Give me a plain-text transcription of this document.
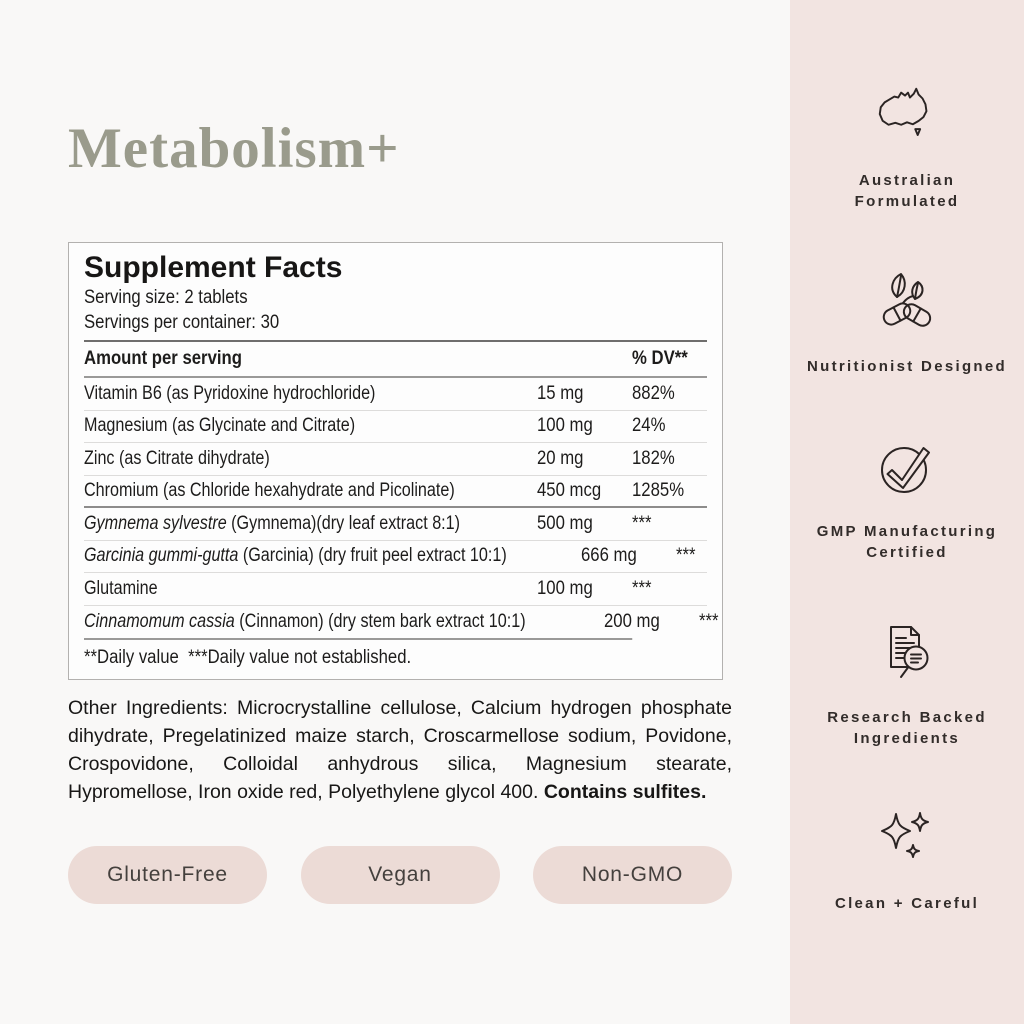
Metabolism+
Supplement Facts
Serving size: 2 tablets
Servings per container: 30
Amount per serving	% DV**
Vitamin B6 (as Pyridoxine hydrochloride)	15 mg	882%
Magnesium (as Glycinate and Citrate)	100 mg	24%
Zinc (as Citrate dihydrate)	20 mg	182%
Chromium (as Chloride hexahydrate and Picolinate)	450 mcg	1285%
Gymnema sylvestre (Gymnema)(dry leaf extract 8:1)	500 mg	***
Garcinia gummi-gutta (Garcinia) (dry fruit peel extract 10:1)	666 mg	***
Glutamine	100 mg	***
Cinnamomum cassia (Cinnamon) (dry stem bark extract 10:1)	200 mg	***
**Daily value  ***Daily value not established.

Other Ingredients: Microcrystalline cellulose, Calcium hydrogen phosphate dihydrate, Pregelatinized maize starch, Croscarmellose sodium, Povidone, Crospovidone, Colloidal anhydrous silica, Magnesium stearate, Hypromellose, Iron oxide red, Polyethylene glycol 400. Contains sulfites.

Gluten-Free	Vegan	Non-GMO
Australian Formulated
Nutritionist Designed
GMP Manufacturing Certified
Research Backed Ingredients
Clean + Careful
